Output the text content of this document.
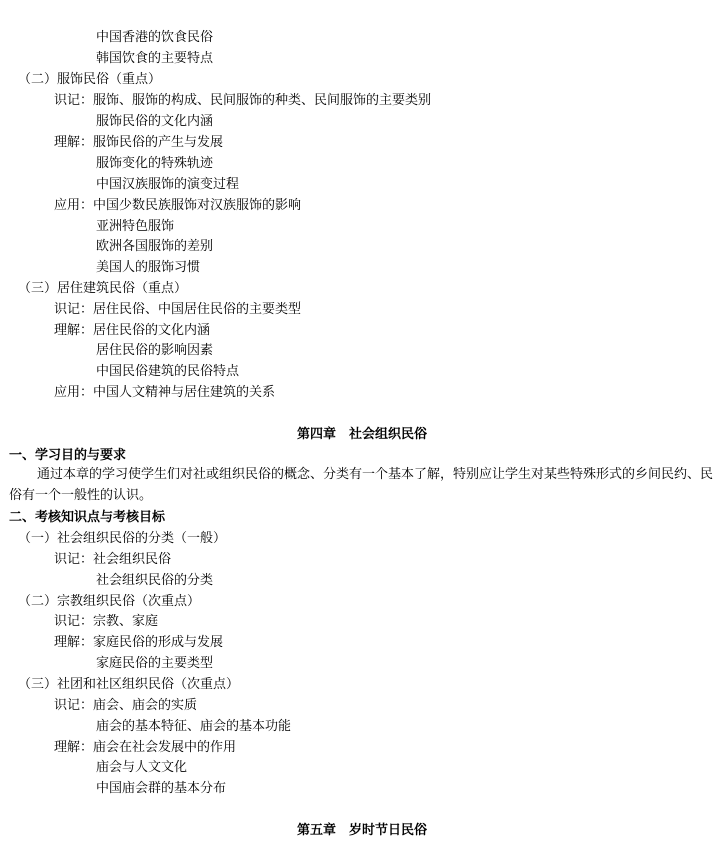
中国香港的饮食民俗
韩国饮食的主要特点
（二）服饰民俗（重点）
识记：服饰、服饰的构成、民间服饰的种类、民间服饰的主要类别
服饰民俗的文化内涵
理解：服饰民俗的产生与发展
服饰变化的特殊轨迹
中国汉族服饰的演变过程
应用：中国少数民族服饰对汉族服饰的影响
亚洲特色服饰
欧洲各国服饰的差别
美国人的服饰习惯
（三）居住建筑民俗（重点）
识记：居住民俗、中国居住民俗的主要类型
理解：居住民俗的文化内涵
居住民俗的影响因素
中国民俗建筑的民俗特点
应用：中国人文精神与居住建筑的关系
第四章　社会组织民俗
一、学习目的与要求
通过本章的学习使学生们对社或组织民俗的概念、分类有一个基本了解，特别应让学生对某些特殊形式的乡间民约、民俗有一个一般性的认识。
二、考核知识点与考核目标
（一）社会组织民俗的分类（一般）
识记：社会组织民俗
社会组织民俗的分类
（二）宗教组织民俗（次重点）
识记：宗教、家庭
理解：家庭民俗的形成与发展
家庭民俗的主要类型
（三）社团和社区组织民俗（次重点）
识记：庙会、庙会的实质
庙会的基本特征、庙会的基本功能
理解：庙会在社会发展中的作用
庙会与人文文化
中国庙会群的基本分布
第五章　岁时节日民俗
